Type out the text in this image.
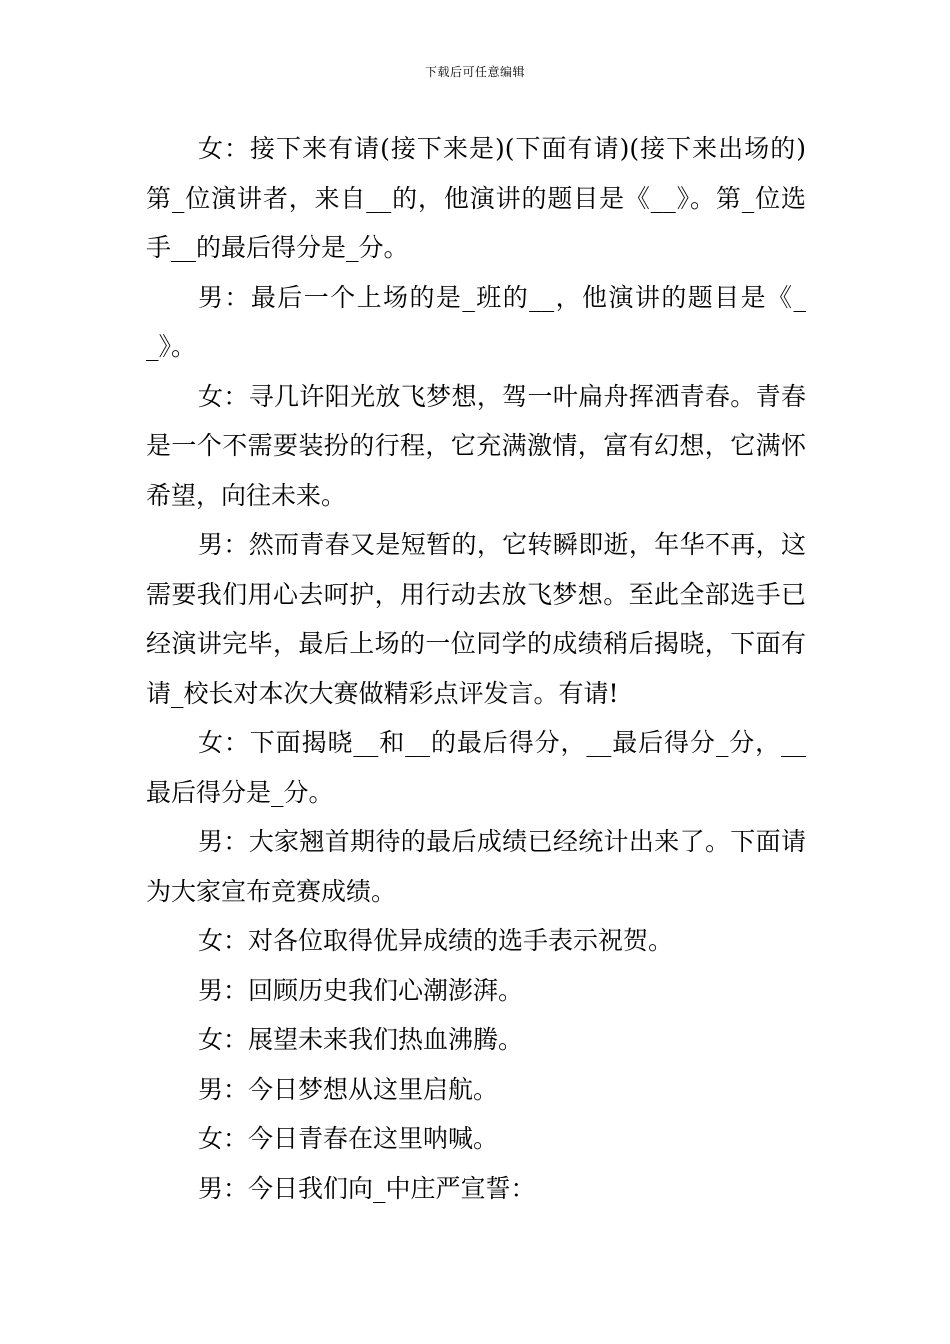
下载后可任意编辑

女：接下来有请(接下来是)(下面有请)(接下来出场的)第_位演讲者，来自__的，他演讲的题目是《__》。第_位选手__的最后得分是_分。

男：最后一个上场的是_班的__，他演讲的题目是《__》。

女：寻几许阳光放飞梦想，驾一叶扁舟挥洒青春。青春是一个不需要装扮的行程，它充满激情，富有幻想，它满怀希望，向往未来。

男：然而青春又是短暂的，它转瞬即逝，年华不再，这需要我们用心去呵护，用行动去放飞梦想。至此全部选手已经演讲完毕，最后上场的一位同学的成绩稍后揭晓，下面有请_校长对本次大赛做精彩点评发言。有请!

女：下面揭晓__和__的最后得分，__最后得分_分，__最后得分是_分。

男：大家翘首期待的最后成绩已经统计出来了。下面请为大家宣布竞赛成绩。

女：对各位取得优异成绩的选手表示祝贺。

男：回顾历史我们心潮澎湃。

女：展望未来我们热血沸腾。

男：今日梦想从这里启航。

女：今日青春在这里呐喊。

男：今日我们向_中庄严宣誓：
